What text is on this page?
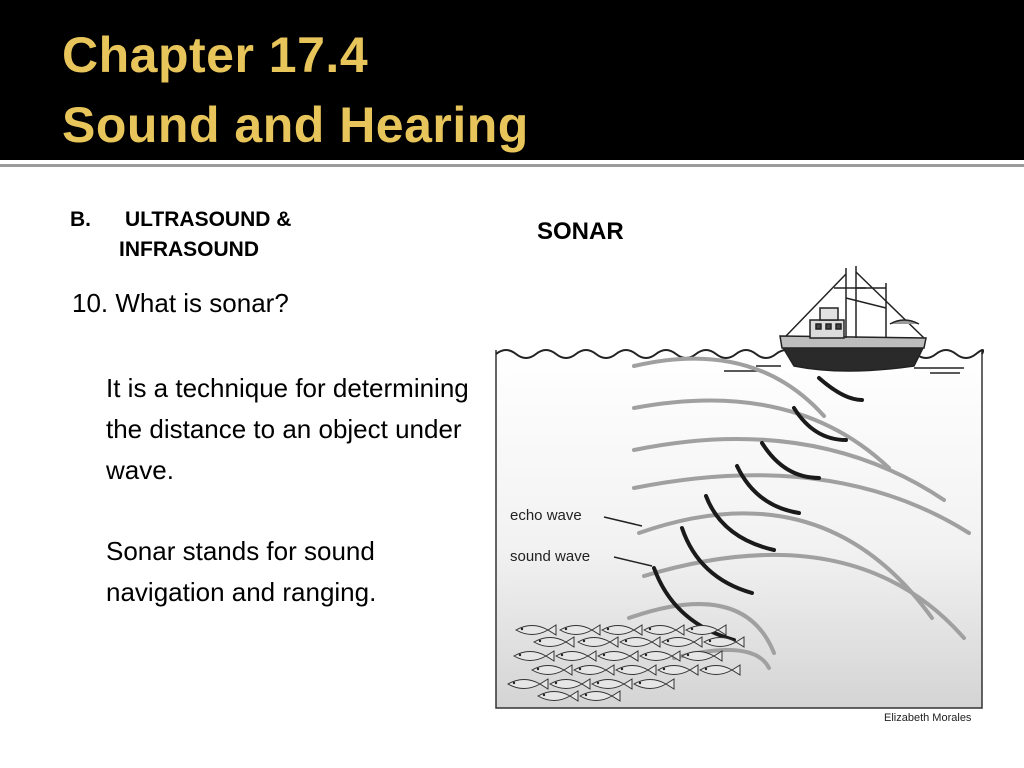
Chapter 17.4
Sound and Hearing
B. ULTRASOUND &
INFRASOUND
SONAR
10. What is sonar?
It is a technique for determining the distance to an object under wave.
Sonar stands for sound navigation and ranging.
echo wave
sound wave
Elizabeth Morales
